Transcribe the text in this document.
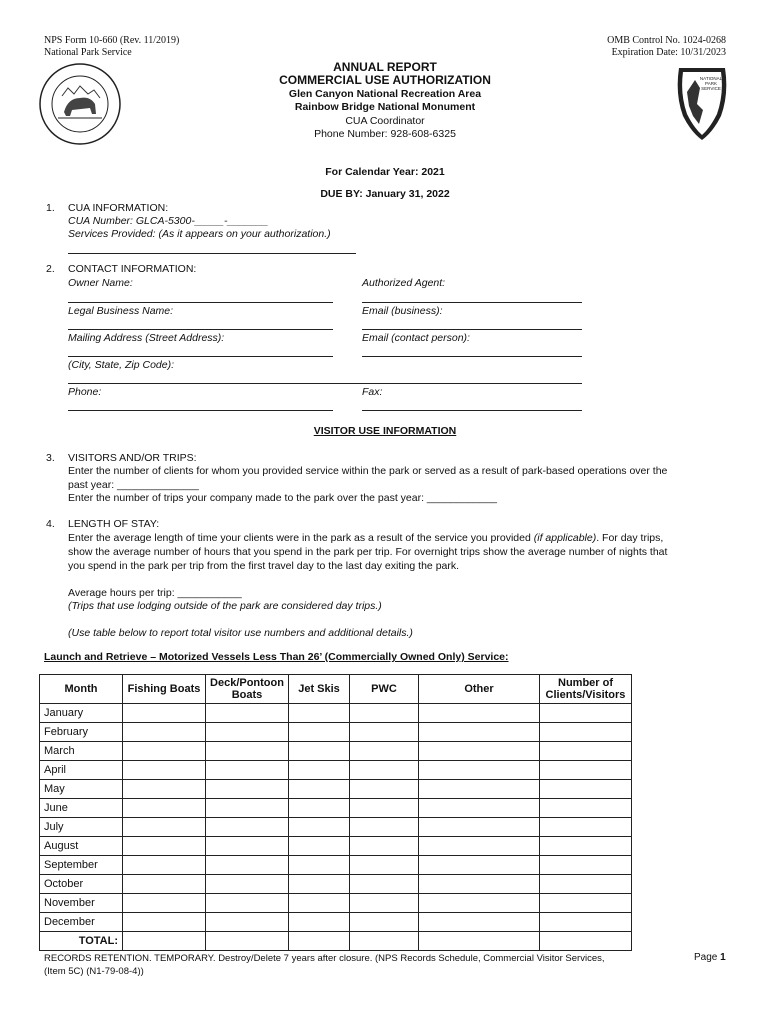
NPS Form 10-660 (Rev. 11/2019)
National Park Service
OMB Control No. 1024-0268
Expiration Date: 10/31/2023
NATIONAL
PARK
SERVICE
ANNUAL REPORT
COMMERCIAL USE AUTHORIZATION
Glen Canyon National Recreation Area
Rainbow Bridge National Monument
CUA Coordinator
Phone Number: 928-608-6325
For Calendar Year: 2021
DUE BY: January 31, 2022
1. CUA INFORMATION:
CUA Number: GLCA-5300-_____-_______
Services Provided: (As it appears on your authorization.)
2. CONTACT INFORMATION:
Owner Name:	Authorized Agent:
Legal Business Name:	Email (business):
Mailing Address (Street Address):	Email (contact person):
(City, State, Zip Code):
Phone:	Fax:
VISITOR USE INFORMATION
3. VISITORS AND/OR TRIPS:
Enter the number of clients for whom you provided service within the park or served as a result of park-based operations over the
past year: ______________
Enter the number of trips your company made to the park over the past year: ____________
4. LENGTH OF STAY:
Enter the average length of time your clients were in the park as a result of the service you provided (if applicable). For day trips,
show the average number of hours that you spend in the park per trip. For overnight trips show the average number of nights that
you spend in the park per trip from the first travel day to the last day exiting the park.
Average hours per trip: ___________
(Trips that use lodging outside of the park are considered day trips.)
(Use table below to report total visitor use numbers and additional details.)
Launch and Retrieve – Motorized Vessels Less Than 26’ (Commercially Owned Only) Service:
Month	Fishing Boats	Deck/Pontoon Boats	Jet Skis	PWC	Other	Number of Clients/Visitors
January						
February						
March						
April						
May						
June						
July						
August						
September						
October						
November						
December						
TOTAL:						
RECORDS RETENTION. TEMPORARY. Destroy/Delete 7 years after closure. (NPS Records Schedule, Commercial Visitor Services,
(Item 5C) (N1-79-08-4))
Page 1
